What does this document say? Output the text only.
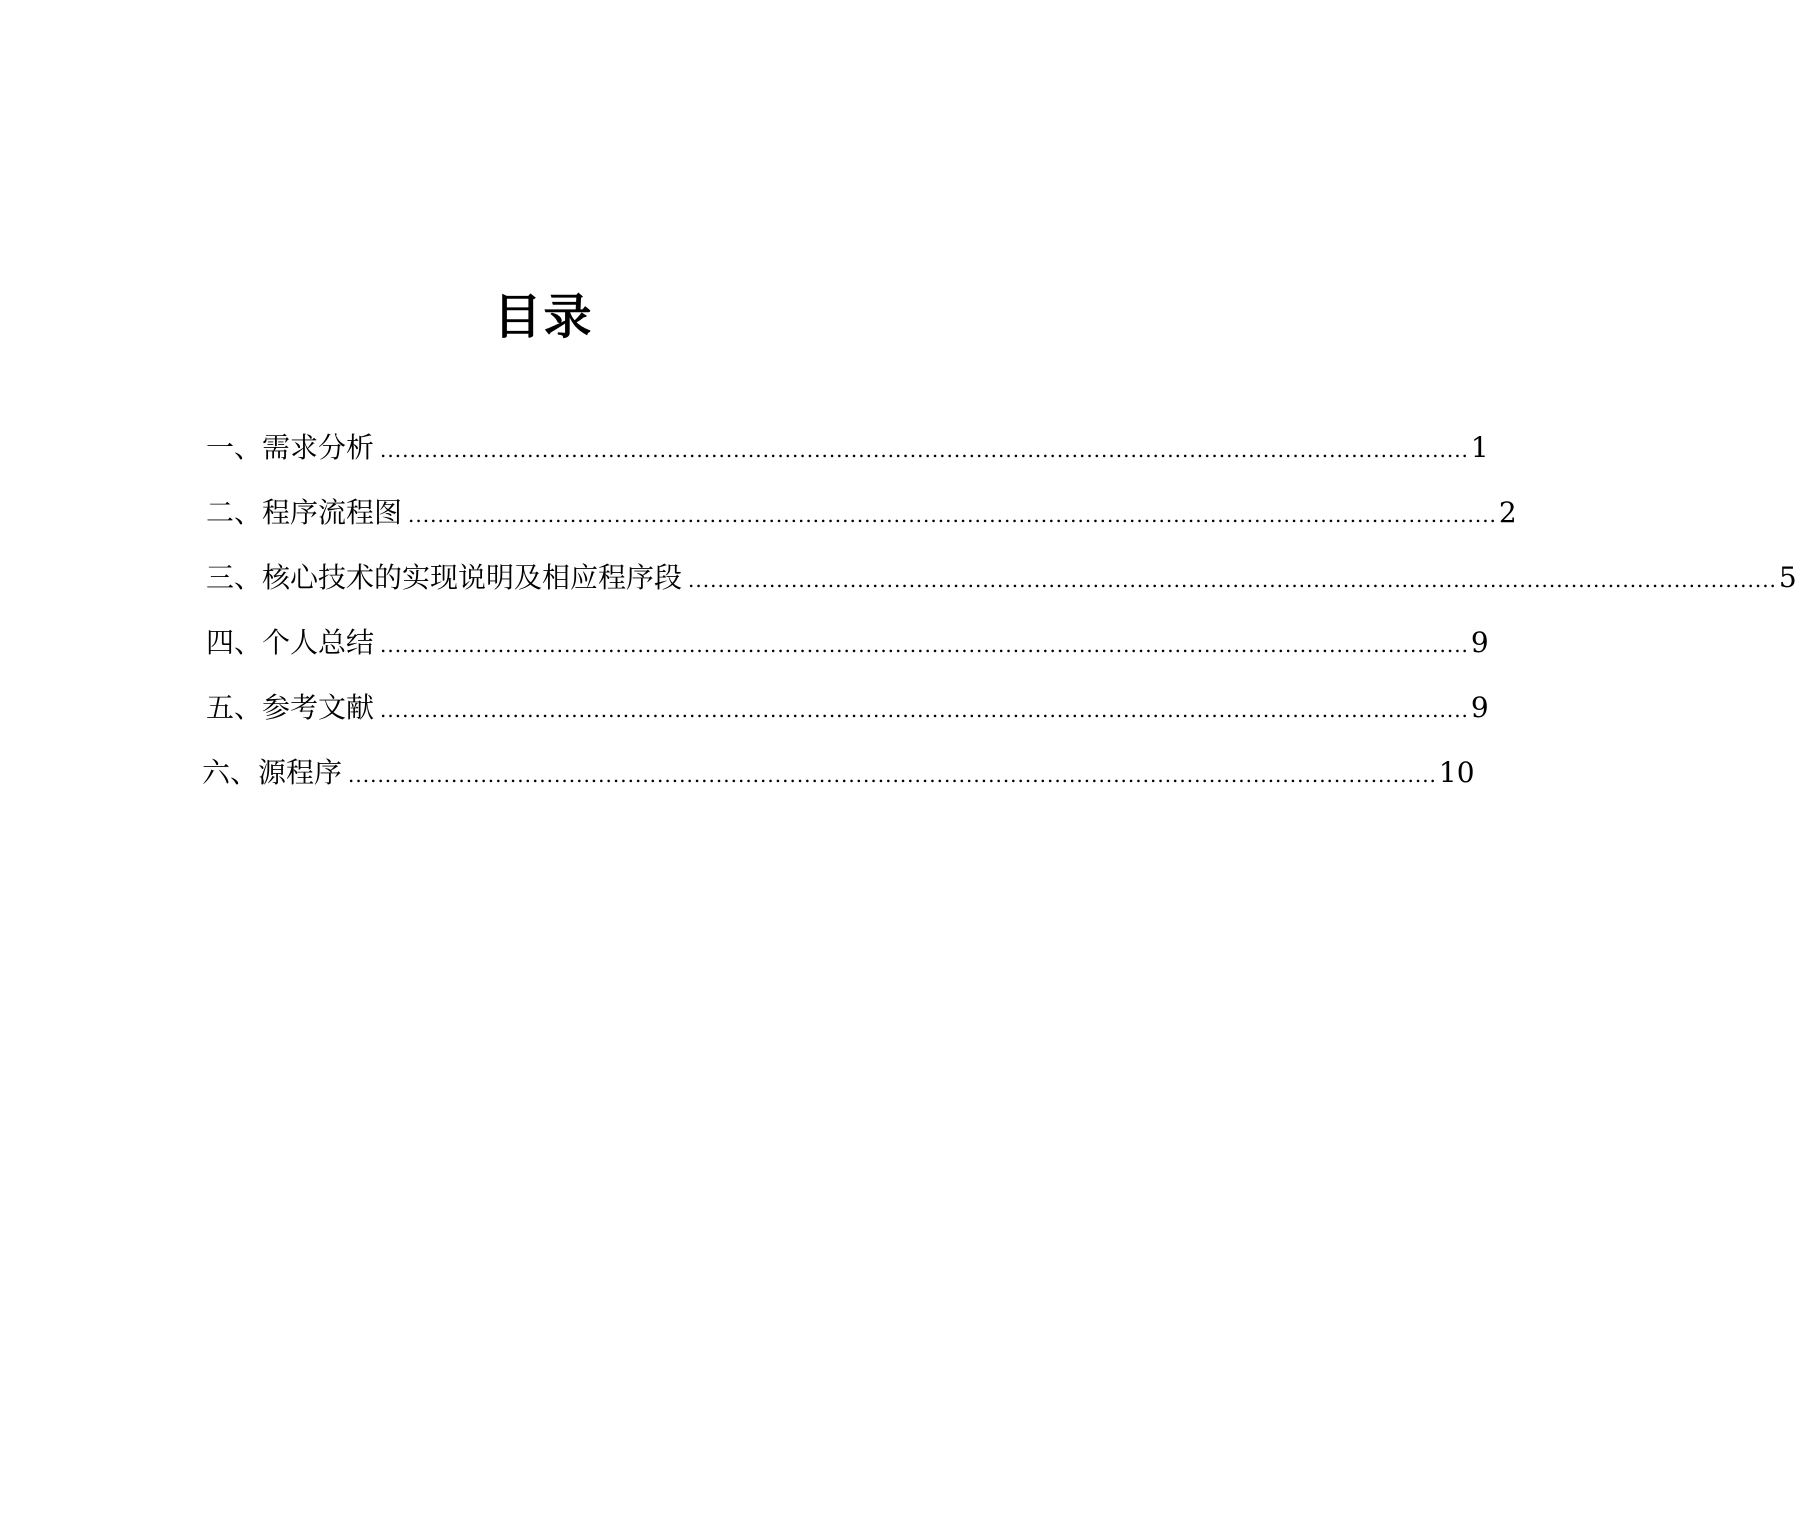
目录
一、需求分析 .................................................................................................................................................... 1
二、程序流程图 .................................................................................................................................................... 2
三、核心技术的实现说明及相应程序段 .................................................................................................................................................... 5
四、个人总结 .................................................................................................................................................... 9
五、参考文献 .................................................................................................................................................... 9
六、源程序 .................................................................................................................................................... 10
